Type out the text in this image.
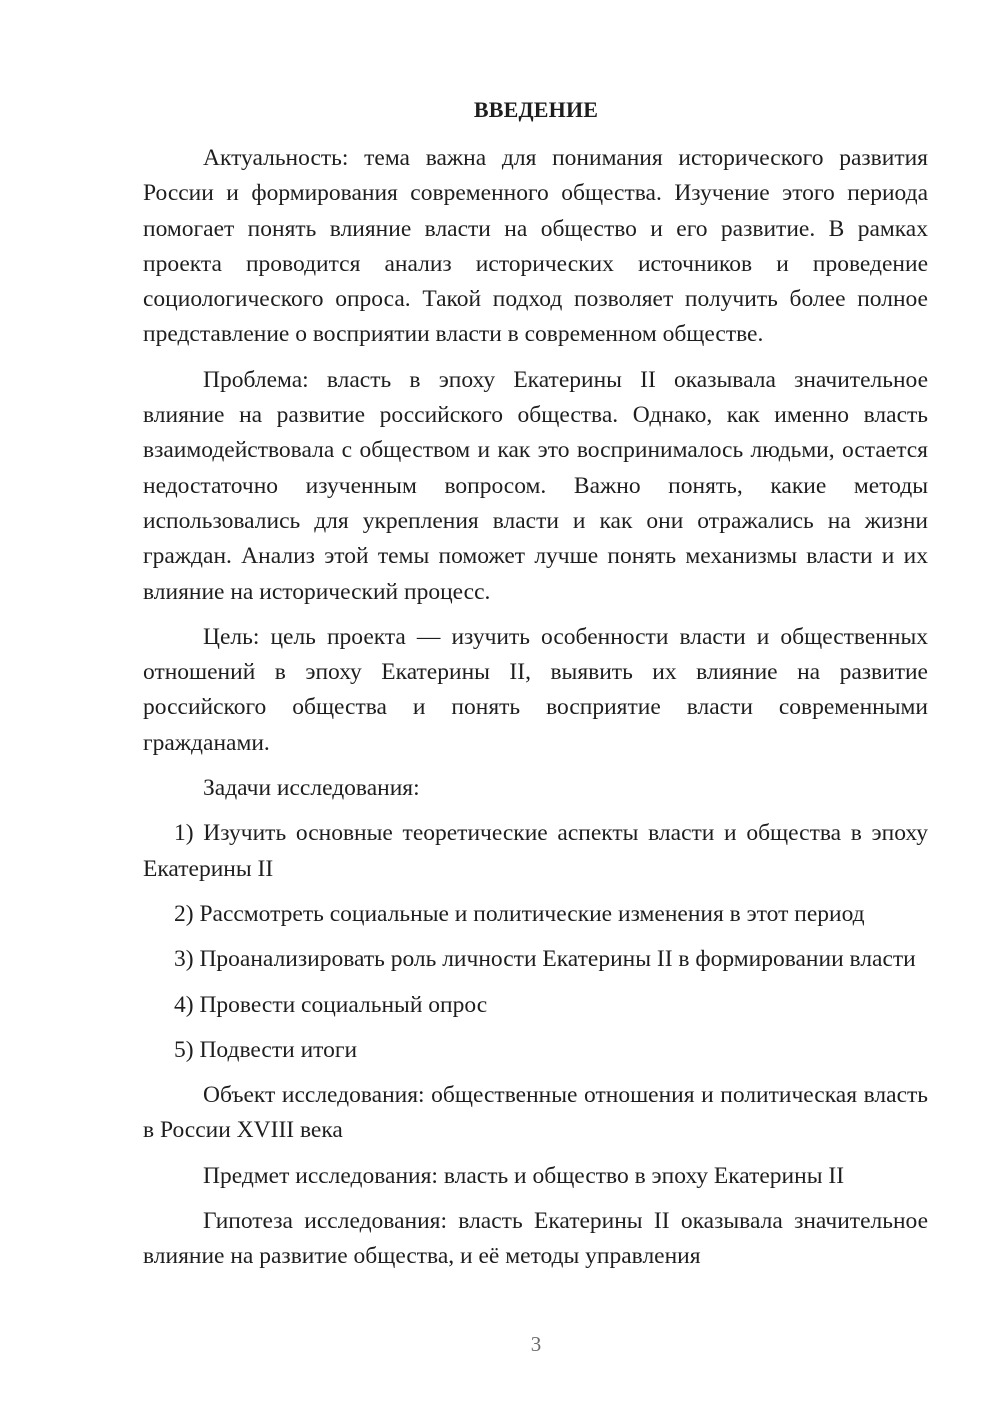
ВВЕДЕНИЕ

Актуальность: тема важна для понимания исторического развития России и формирования современного общества. Изучение этого периода помогает понять влияние власти на общество и его развитие. В рамках проекта проводится анализ исторических источников и проведение социологического опроса. Такой подход позволяет получить более полное представление о восприятии власти в современном обществе.

Проблема: власть в эпоху Екатерины II оказывала значительное влияние на развитие российского общества. Однако, как именно власть взаимодействовала с обществом и как это воспринималось людьми, остается недостаточно изученным вопросом. Важно понять, какие методы использовались для укрепления власти и как они отражались на жизни граждан. Анализ этой темы поможет лучше понять механизмы власти и их влияние на исторический процесс.

Цель: цель проекта — изучить особенности власти и общественных отношений в эпоху Екатерины II, выявить их влияние на развитие российского общества и понять восприятие власти современными гражданами.

Задачи исследования:

1) Изучить основные теоретические аспекты власти и общества в эпоху Екатерины II

2) Рассмотреть социальные и политические изменения в этот период

3) Проанализировать роль личности Екатерины II в формировании власти

4) Провести социальный опрос

5) Подвести итоги

Объект исследования: общественные отношения и политическая власть в России XVIII века

Предмет исследования: власть и общество в эпоху Екатерины II

Гипотеза исследования: власть Екатерины II оказывала значительное влияние на развитие общества, и её методы управления

3
